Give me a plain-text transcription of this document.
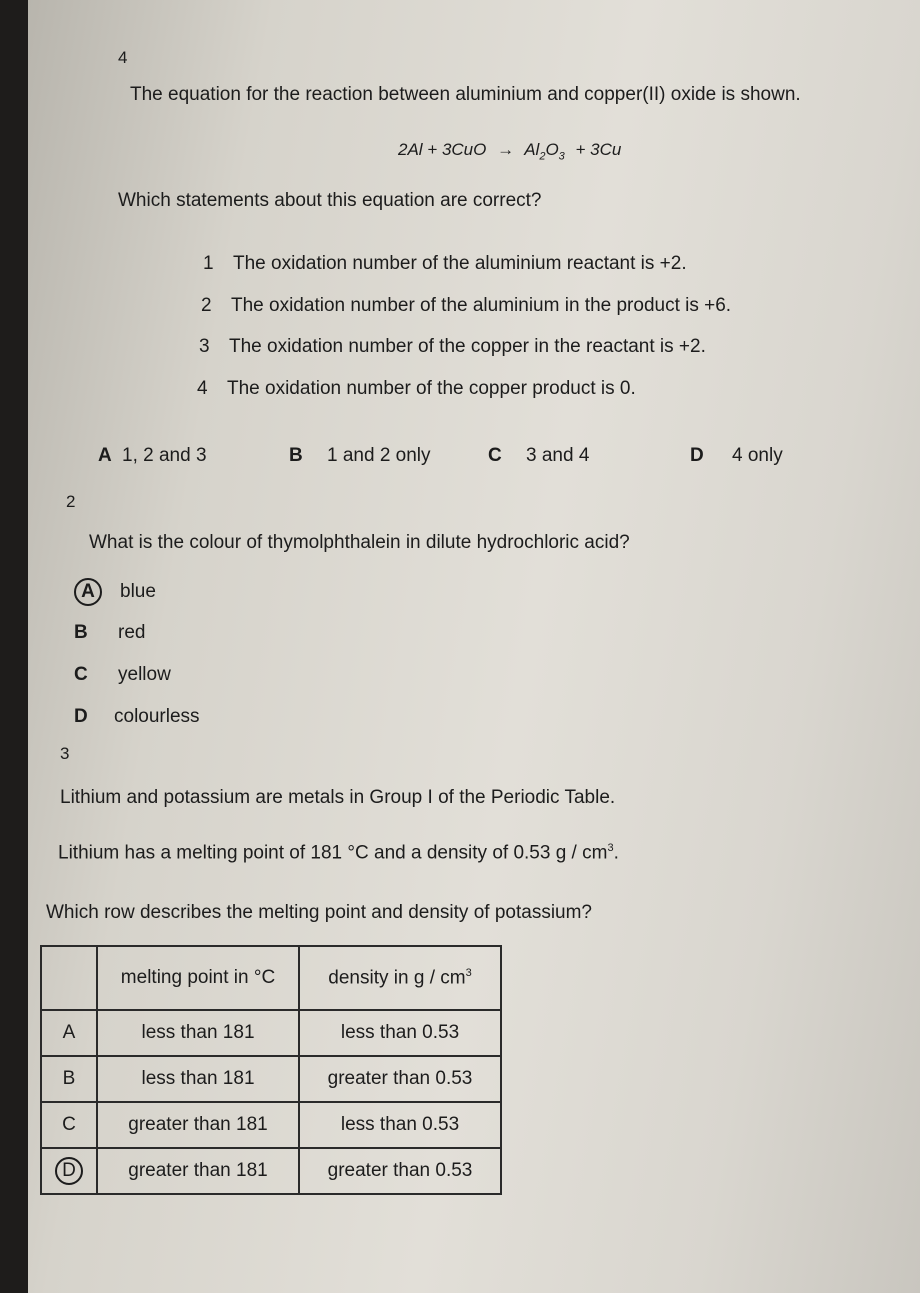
4
The equation for the reaction between aluminium and copper(II) oxide is shown.
$2Al + 3CuO \to Al_2O_3 + 3Cu$
Which statements about this equation are correct?
1 The oxidation number of the aluminium reactant is +2.
2 The oxidation number of the aluminium in the product is +6.
3 The oxidation number of the copper in the reactant is +2.
4 The oxidation number of the copper product is 0.
A 1, 2 and 3	B 1 and 2 only	C 3 and 4	D 4 only
2
What is the colour of thymolphthalein in dilute hydrochloric acid?
A blue
B red
C yellow
D colourless
3
Lithium and potassium are metals in Group I of the Periodic Table.
Lithium has a melting point of 181 °C and a density of 0.53 g / $cm^3$.
Which row describes the melting point and density of potassium?
	melting point in °C	density in g / $cm^3$
A	less than 181	less than 0.53
B	less than 181	greater than 0.53
C	greater than 181	less than 0.53
D	greater than 181	greater than 0.53
